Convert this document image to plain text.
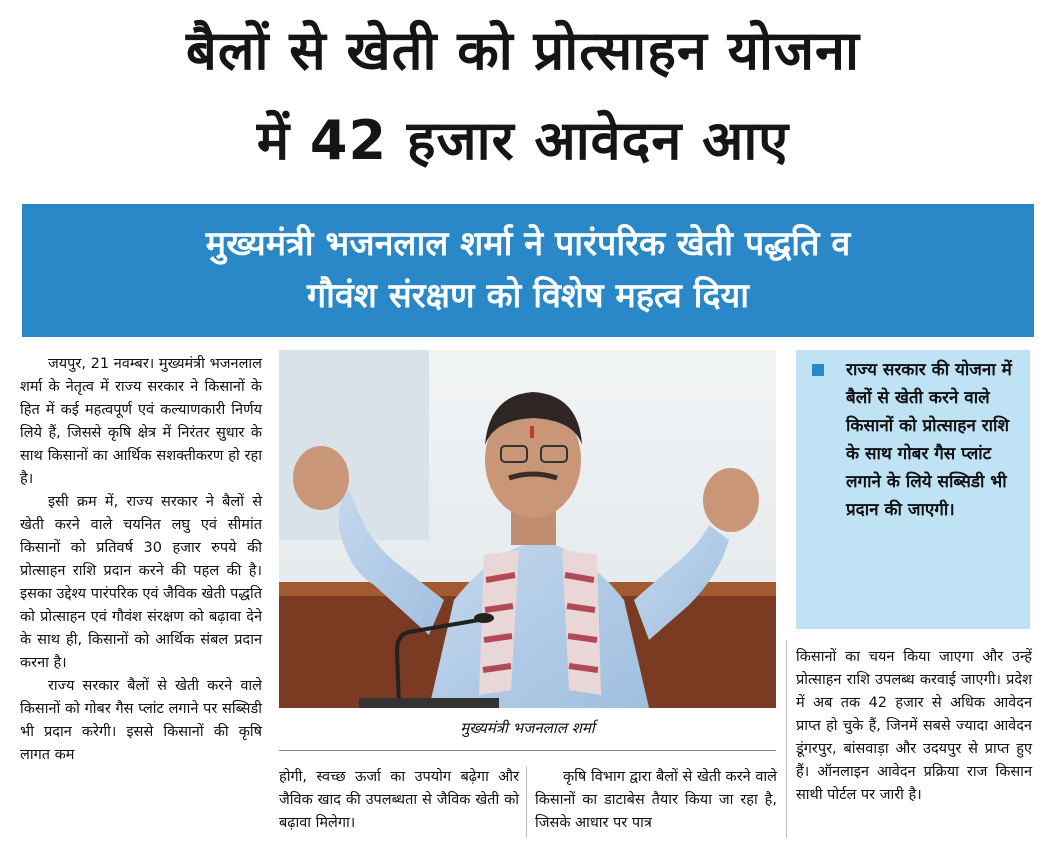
बैलों से खेती को प्रोत्साहन योजना
में 42 हजार आवेदन आए
मुख्यमंत्री भजनलाल शर्मा ने पारंपरिक खेती पद्धति व
गौवंश संरक्षण को विशेष महत्व दिया

जयपुर, 21 नवम्बर। मुख्यमंत्री भजनलाल शर्मा के नेतृत्व में राज्य सरकार ने किसानों के हित में कई महत्वपूर्ण एवं कल्याणकारी निर्णय लिये हैं, जिससे कृषि क्षेत्र में निरंतर सुधार के साथ किसानों का आर्थिक सशक्तीकरण हो रहा है।

इसी क्रम में, राज्य सरकार ने बैलों से खेती करने वाले चयनित लघु एवं सीमांत किसानों को प्रतिवर्ष 30 हजार रुपये की प्रोत्साहन राशि प्रदान करने की पहल की है। इसका उद्देश्य पारंपरिक एवं जैविक खेती पद्धति को प्रोत्साहन एवं गौवंश संरक्षण को बढ़ावा देने के साथ ही, किसानों को आर्थिक संबल प्रदान करना है।

राज्य सरकार बैलों से खेती करने वाले किसानों को गोबर गैस प्लांट लगाने पर सब्सिडी भी प्रदान करेगी। इससे किसानों की कृषि लागत कम

मुख्यमंत्री भजनलाल शर्मा

होगी, स्वच्छ ऊर्जा का उपयोग बढ़ेगा और जैविक खाद की उपलब्धता से जैविक खेती को बढ़ावा मिलेगा।

कृषि विभाग द्वारा बैलों से खेती करने वाले किसानों का डाटाबेस तैयार किया जा रहा है, जिसके आधार पर पात्र

राज्य सरकार की योजना में बैलों से खेती करने वाले किसानों को प्रोत्साहन राशि के साथ गोबर गैस प्लांट लगाने के लिये सब्सिडी भी प्रदान की जाएगी।

किसानों का चयन किया जाएगा और उन्हें प्रोत्साहन राशि उपलब्ध करवाई जाएगी। प्रदेश में अब तक 42 हजार से अधिक आवेदन प्राप्त हो चुके हैं, जिनमें सबसे ज्यादा आवेदन डूंगरपुर, बांसवाड़ा और उदयपुर से प्राप्त हुए हैं। ऑनलाइन आवेदन प्रक्रिया राज किसान साथी पोर्टल पर जारी है।
